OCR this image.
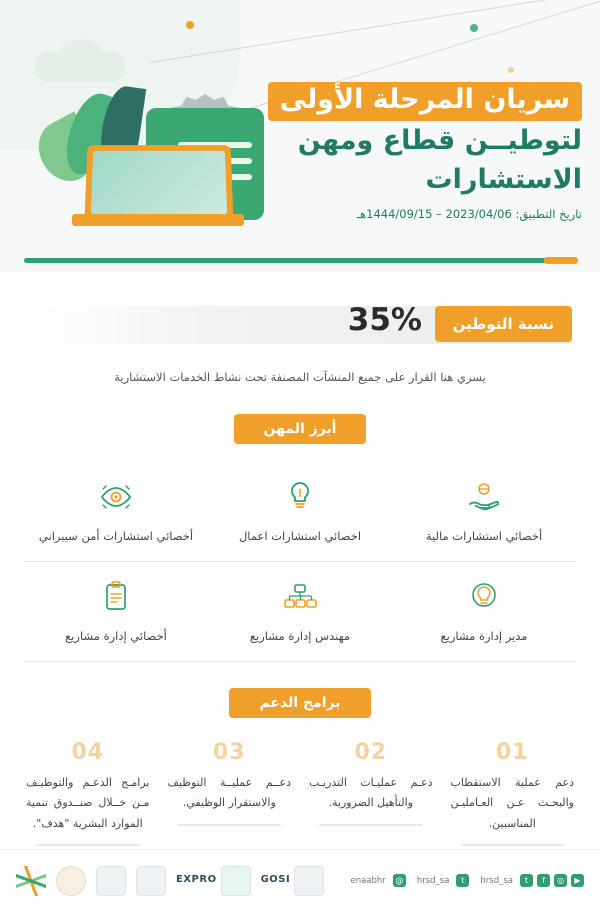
سريان المرحلة الأولى
لتوطيــن قطاع ومهن
الاستشارات
تاريخ التطبيق: 2023/04/06 – 1444/09/15هـ
نسبة التوطين
35%
يسري هنا القرار على جميع المنشآت المصنفة تحت نشاط الخدمات الاستشارية
أبرز المهن
أخصائي استشارات مالية
اخصائي استشارات اعمال
أخصائي استشارات أمن سيبراني
مدير إدارة مشاريع
مهندس إدارة مشاريع
أخصائي إدارة مشاريع
برامج الدعم
01
دعم عملية الاستقطاب والبحـث عـن العـامليـن المناسبين.
02
دعـم عمليـات التدريـب والتأهيل الضرورية.
03
دعــم عمليــة التوظيف والاستقرار الوظيفي.
04
برامـج الدعـم والتوظيـف مـن خــلال صنــدوق تنمية الموارد البشرية "هدف".
▶
◎
f
t
hrsd_sa
t
hrsd_sa
@
enaabhr
GOSI
EXPRO
